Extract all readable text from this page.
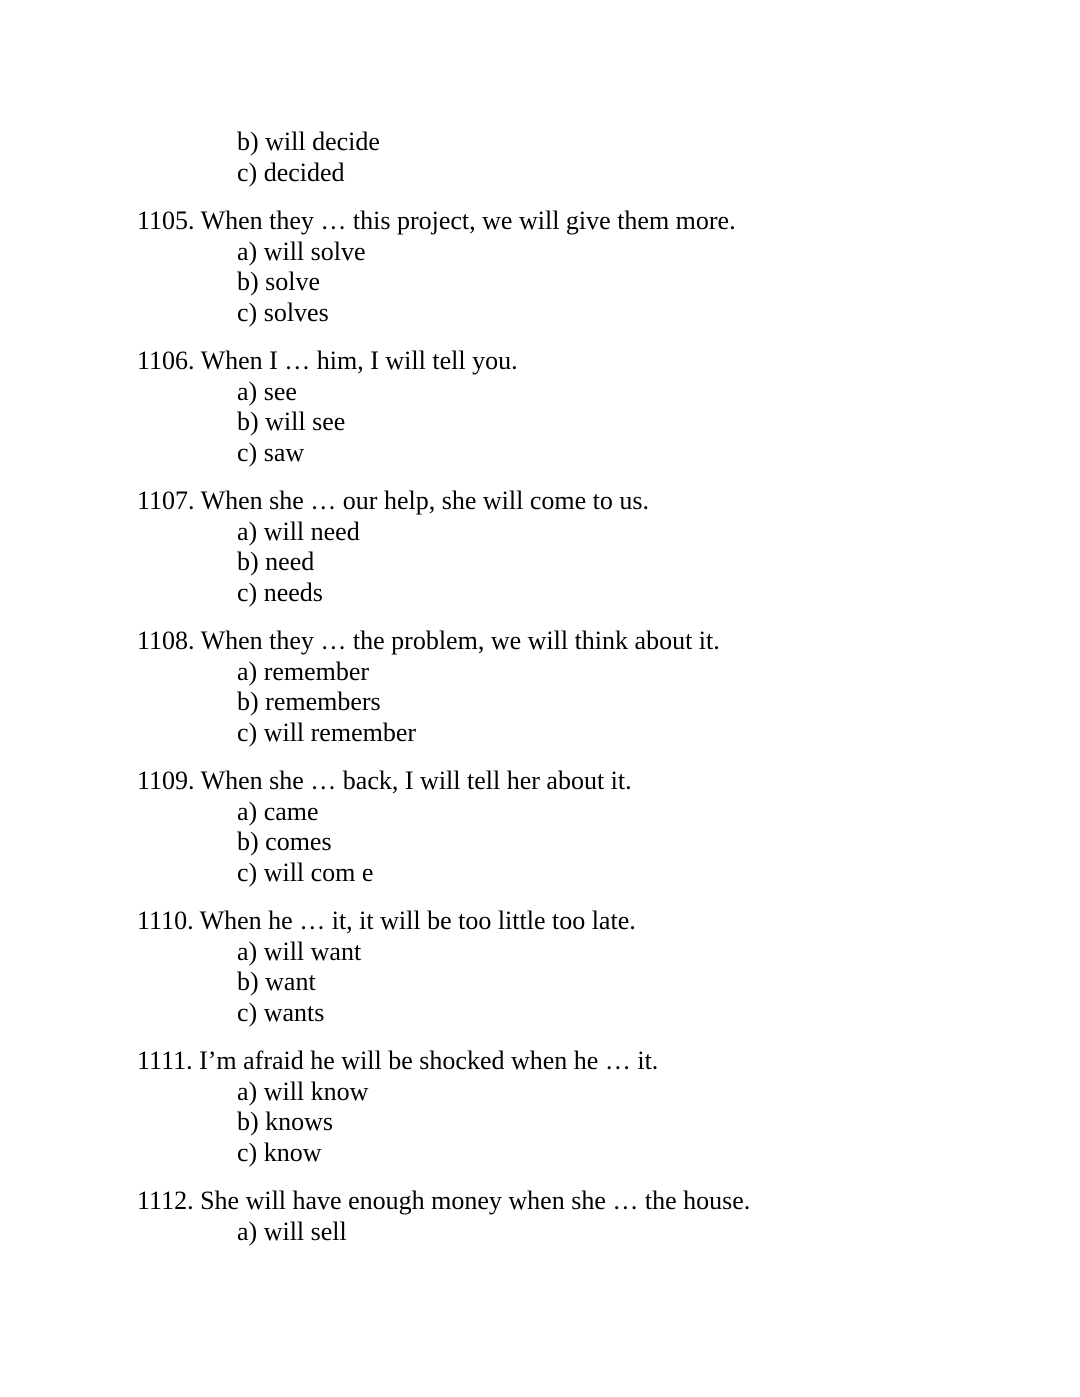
b) will decide
c) decided
1105. When they … this project, we will give them more.
a) will solve
b) solve
c) solves
1106. When I … him, I will tell you.
a) see
b) will see
c) saw
1107. When she … our help, she will come to us.
a) will need
b) need
c) needs
1108. When they … the problem, we will think about it.
a) remember
b) remembers
c) will remember
1109. When she … back, I will tell her about it.
a) came
b) comes
c) will com e
1110. When he … it, it will be too little too late.
a) will want
b) want
c) wants
1111. I’m afraid he will be shocked when he … it.
a) will know
b) knows
c) know
1112. She will have enough money when she … the house.
a) will sell
